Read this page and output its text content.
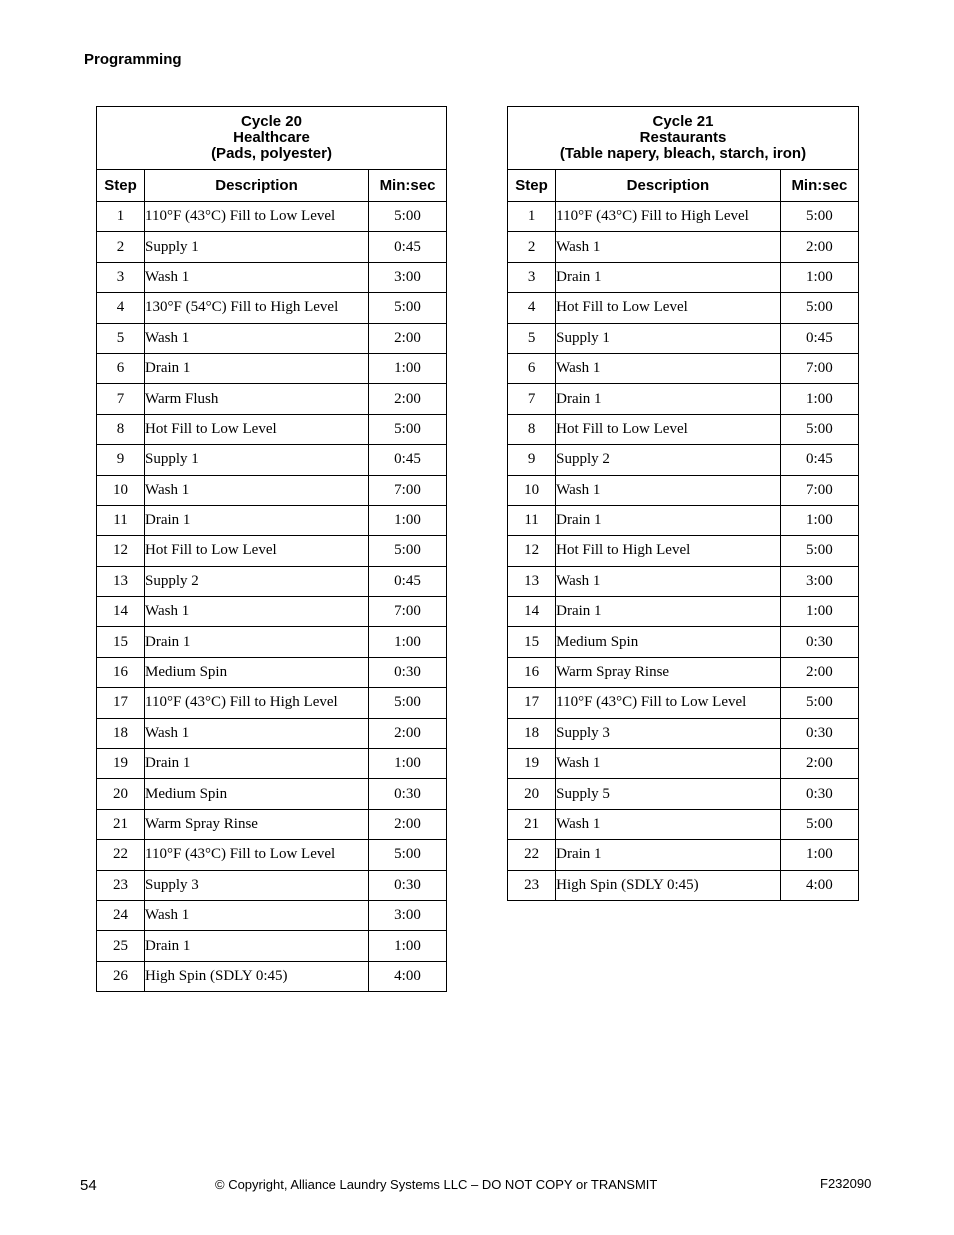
Programming
Cycle 20
Healthcare
(Pads, polyester)		

Step	Description	Min:sec
1	110°F (43°C) Fill to Low Level	5:00
2	Supply 1	0:45
3	Wash 1	3:00
4	130°F (54°C) Fill to High Level	5:00
5	Wash 1	2:00
6	Drain 1	1:00
7	Warm Flush	2:00
8	Hot Fill to Low Level	5:00
9	Supply 1	0:45
10	Wash 1	7:00
11	Drain 1	1:00
12	Hot Fill to Low Level	5:00
13	Supply 2	0:45
14	Wash 1	7:00
15	Drain 1	1:00
16	Medium Spin	0:30
17	110°F (43°C) Fill to High Level	5:00
18	Wash 1	2:00
19	Drain 1	1:00
20	Medium Spin	0:30
21	Warm Spray Rinse	2:00
22	110°F (43°C) Fill to Low Level	5:00
23	Supply 3	0:30
24	Wash 1	3:00
25	Drain 1	1:00
26	High Spin (SDLY 0:45)	4:00
Cycle 21
Restaurants
(Table napery, bleach, starch, iron)		

Step	Description	Min:sec
1	110°F (43°C) Fill to High Level	5:00
2	Wash 1	2:00
3	Drain 1	1:00
4	Hot Fill to Low Level	5:00
5	Supply 1	0:45
6	Wash 1	7:00
7	Drain 1	1:00
8	Hot Fill to Low Level	5:00
9	Supply 2	0:45
10	Wash 1	7:00
11	Drain 1	1:00
12	Hot Fill to High Level	5:00
13	Wash 1	3:00
14	Drain 1	1:00
15	Medium Spin	0:30
16	Warm Spray Rinse	2:00
17	110°F (43°C) Fill to Low Level	5:00
18	Supply 3	0:30
19	Wash 1	2:00
20	Supply 5	0:30
21	Wash 1	5:00
22	Drain 1	1:00
23	High Spin (SDLY 0:45)	4:00
54	© Copyright, Alliance Laundry Systems LLC – DO NOT COPY or TRANSMIT	F232090
